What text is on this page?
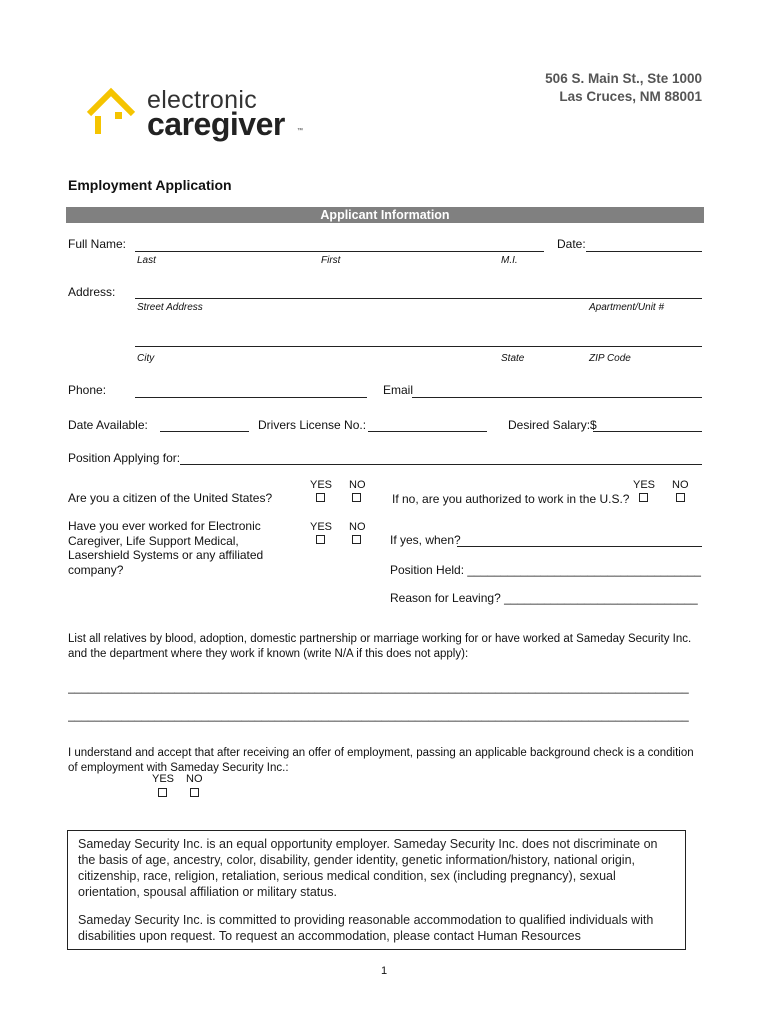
electronic
caregiver ™
506 S. Main St., Ste 1000
Las Cruces, NM 88001
Employment Application
Applicant Information
Full Name:	Date:
Last	First	M.I.
Address:
Street Address	Apartment/Unit #
City	State	ZIP Code
Phone:	Email
Date Available:	Drivers License No.:	Desired Salary:$
Position Applying for:
YES NO
Are you a citizen of the United States?
YES NO
If no, are you authorized to work in the U.S.?
Have you ever worked for Electronic Caregiver, Life Support Medical, Lasershield Systems or any affiliated company?
YES NO
If yes, when?
Position Held: ___________________________________
Reason for Leaving? _____________________________
List all relatives by blood, adoption, domestic partnership or marriage working for or have worked at Sameday Security Inc. and the department where they work if known (write N/A if this does not apply):
_____________________________________________________________________________________________
_____________________________________________________________________________________________
I understand and accept that after receiving an offer of employment, passing an applicable background check is a condition of employment with Sameday Security Inc.:
YES NO
Sameday Security Inc. is an equal opportunity employer. Sameday Security Inc. does not discriminate on the basis of age, ancestry, color, disability, gender identity, genetic information/history, national origin, citizenship, race, religion, retaliation, serious medical condition, sex (including pregnancy), sexual orientation, spousal affiliation or military status.
Sameday Security Inc. is committed to providing reasonable accommodation to qualified individuals with disabilities upon request. To request an accommodation, please contact Human Resources
1
